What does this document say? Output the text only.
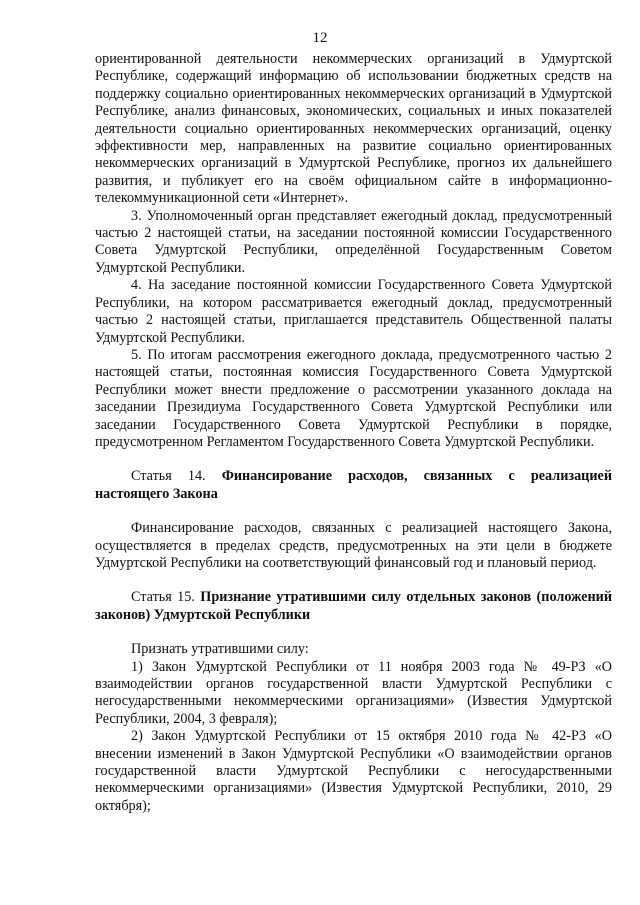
12

ориентированной деятельности некоммерческих организаций в Удмуртской Республике, содержащий информацию об использовании бюджетных средств на поддержку социально ориентированных некоммерческих организаций в Удмуртской Республике, анализ финансовых, экономических, социальных и иных показателей деятельности социально ориентированных некоммерческих организаций, оценку эффективности мер, направленных на развитие социально ориентированных некоммерческих организаций в Удмуртской Республике, прогноз их дальнейшего развития, и публикует его на своём официальном сайте в информационно-телекоммуникационной сети «Интернет».

3. Уполномоченный орган представляет ежегодный доклад, предусмотренный частью 2 настоящей статьи, на заседании постоянной комиссии Государственного Совета Удмуртской Республики, определённой Государственным Советом Удмуртской Республики.

4. На заседание постоянной комиссии Государственного Совета Удмуртской Республики, на котором рассматривается ежегодный доклад, предусмотренный частью 2 настоящей статьи, приглашается представитель Общественной палаты Удмуртской Республики.

5. По итогам рассмотрения ежегодного доклада, предусмотренного частью 2 настоящей статьи, постоянная комиссия Государственного Совета Удмуртской Республики может внести предложение о рассмотрении указанного доклада на заседании Президиума Государственного Совета Удмуртской Республики или заседании Государственного Совета Удмуртской Республики в порядке, предусмотренном Регламентом Государственного Совета Удмуртской Республики.

Статья 14. Финансирование расходов, связанных с реализацией настоящего Закона

Финансирование расходов, связанных с реализацией настоящего Закона, осуществляется в пределах средств, предусмотренных на эти цели в бюджете Удмуртской Республики на соответствующий финансовый год и плановый период.

Статья 15. Признание утратившими силу отдельных законов (положений законов) Удмуртской Республики

Признать утратившими силу:

1) Закон Удмуртской Республики от 11 ноября 2003 года № 49-РЗ «О взаимодействии органов государственной власти Удмуртской Республики с негосударственными некоммерческими организациями» (Известия Удмуртской Республики, 2004, 3 февраля);

2) Закон Удмуртской Республики от 15 октября 2010 года № 42-РЗ «О внесении изменений в Закон Удмуртской Республики «О взаимодействии органов государственной власти Удмуртской Республики с негосударственными некоммерческими организациями» (Известия Удмуртской Республики, 2010, 29 октября);
